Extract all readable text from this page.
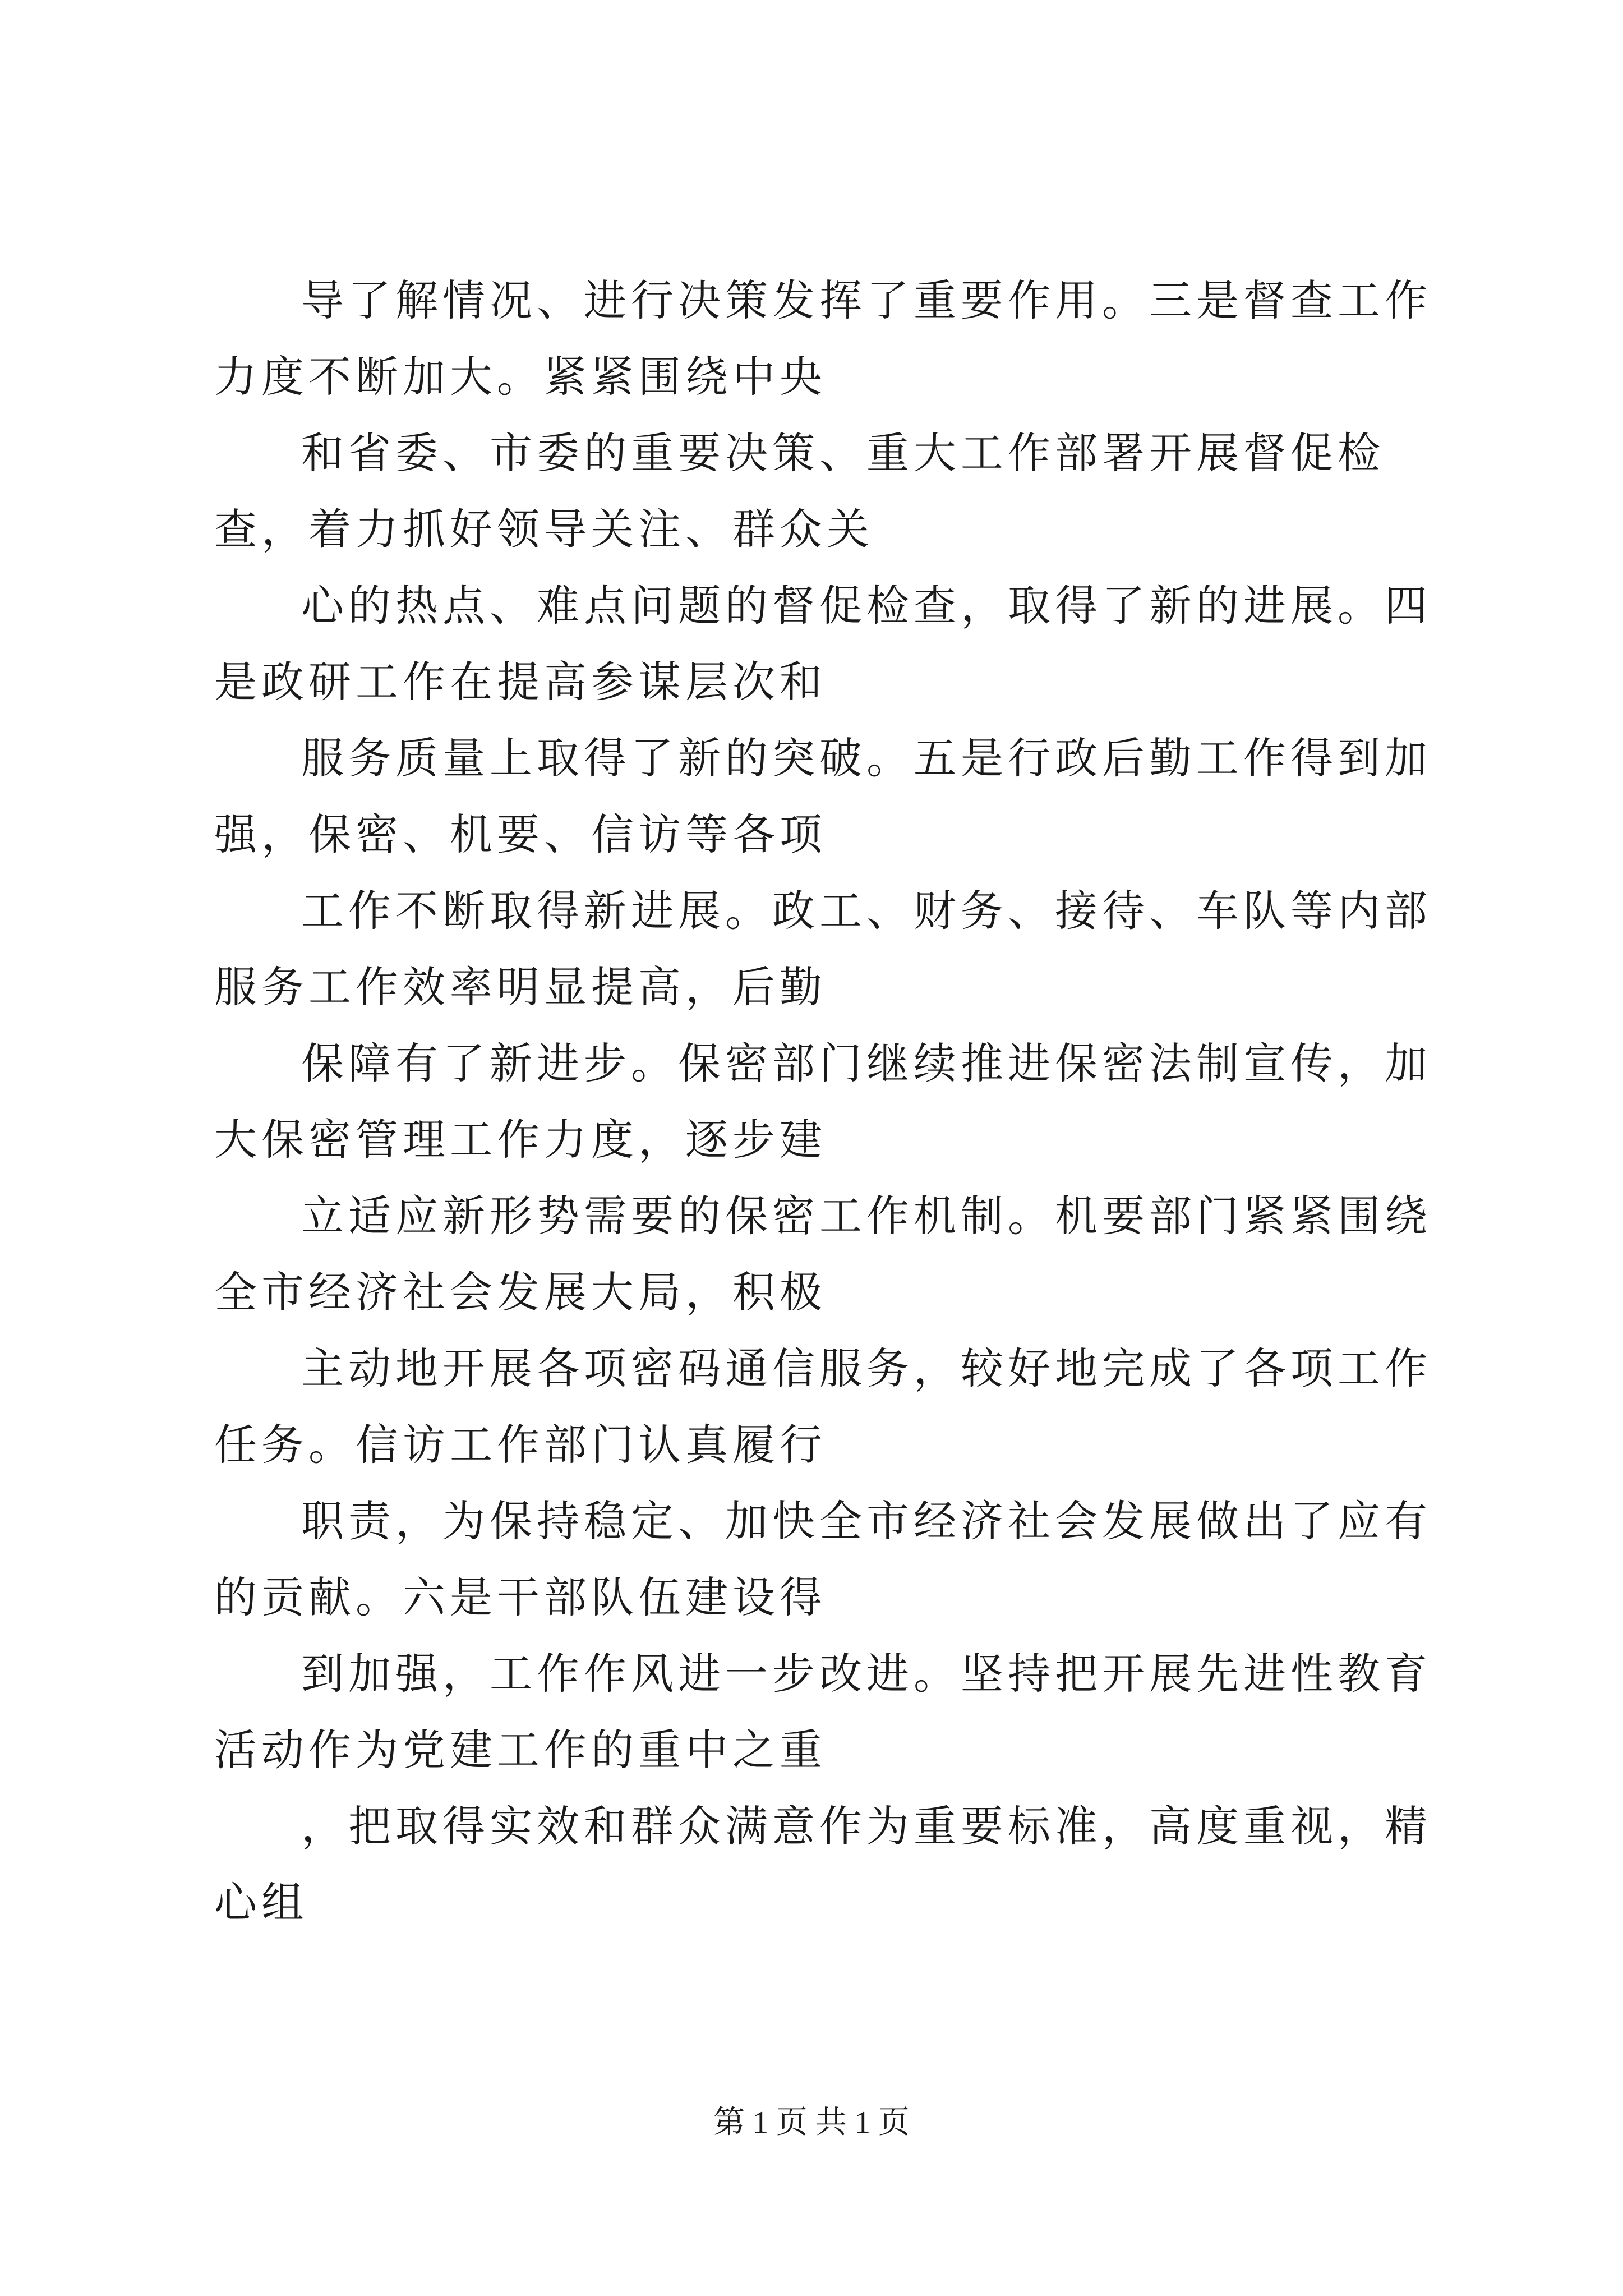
导了解情况、进行决策发挥了重要作用。三是督查工作力度不断加大。紧紧围绕中央

和省委、市委的重要决策、重大工作部署开展督促检查，着力抓好领导关注、群众关

心的热点、难点问题的督促检查，取得了新的进展。四是政研工作在提高参谋层次和

服务质量上取得了新的突破。五是行政后勤工作得到加强，保密、机要、信访等各项

工作不断取得新进展。政工、财务、接待、车队等内部服务工作效率明显提高，后勤

保障有了新进步。保密部门继续推进保密法制宣传，加大保密管理工作力度，逐步建

立适应新形势需要的保密工作机制。机要部门紧紧围绕全市经济社会发展大局，积极

主动地开展各项密码通信服务，较好地完成了各项工作任务。信访工作部门认真履行

职责，为保持稳定、加快全市经济社会发展做出了应有的贡献。六是干部队伍建设得

到加强，工作作风进一步改进。坚持把开展先进性教育活动作为党建工作的重中之重

，把取得实效和群众满意作为重要标准，高度重视，精心组

第 1 页 共 1 页
